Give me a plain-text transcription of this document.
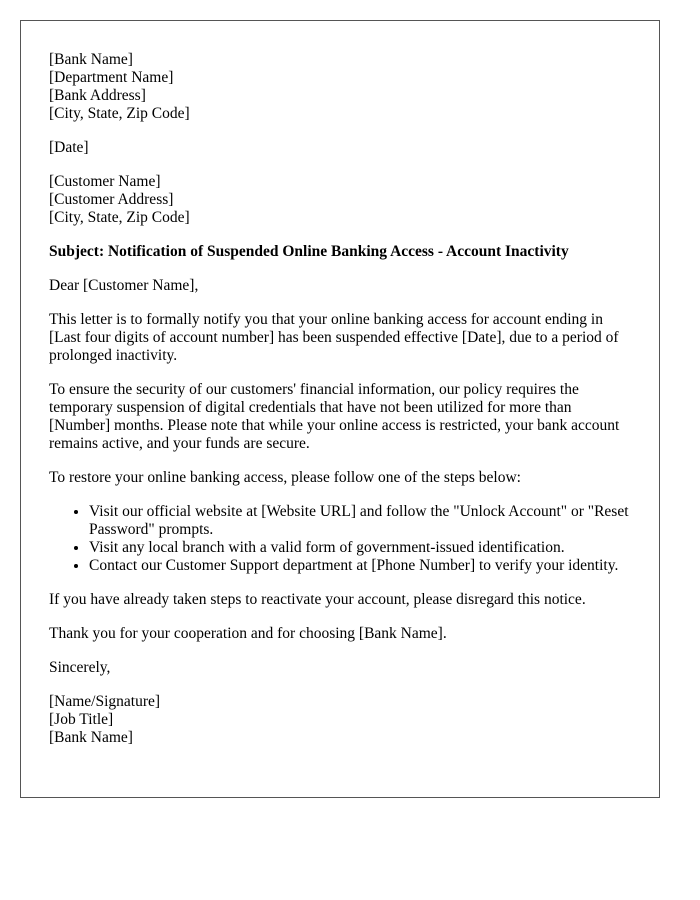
[Bank Name]
[Department Name]
[Bank Address]
[City, State, Zip Code]
[Date]
[Customer Name]
[Customer Address]
[City, State, Zip Code]
Subject: Notification of Suspended Online Banking Access - Account Inactivity

Dear [Customer Name],

This letter is to formally notify you that your online banking access for account ending in [Last four digits of account number] has been suspended effective [Date], due to a period of prolonged inactivity.

To ensure the security of our customers' financial information, our policy requires the temporary suspension of digital credentials that have not been utilized for more than [Number] months. Please note that while your online access is restricted, your bank account remains active, and your funds are secure.

To restore your online banking access, please follow one of the steps below:

• Visit our official website at [Website URL] and follow the "Unlock Account" or "Reset Password" prompts.
• Visit any local branch with a valid form of government-issued identification.
• Contact our Customer Support department at [Phone Number] to verify your identity.

If you have already taken steps to reactivate your account, please disregard this notice.

Thank you for your cooperation and for choosing [Bank Name].

Sincerely,

[Name/Signature]
[Job Title]
[Bank Name]
